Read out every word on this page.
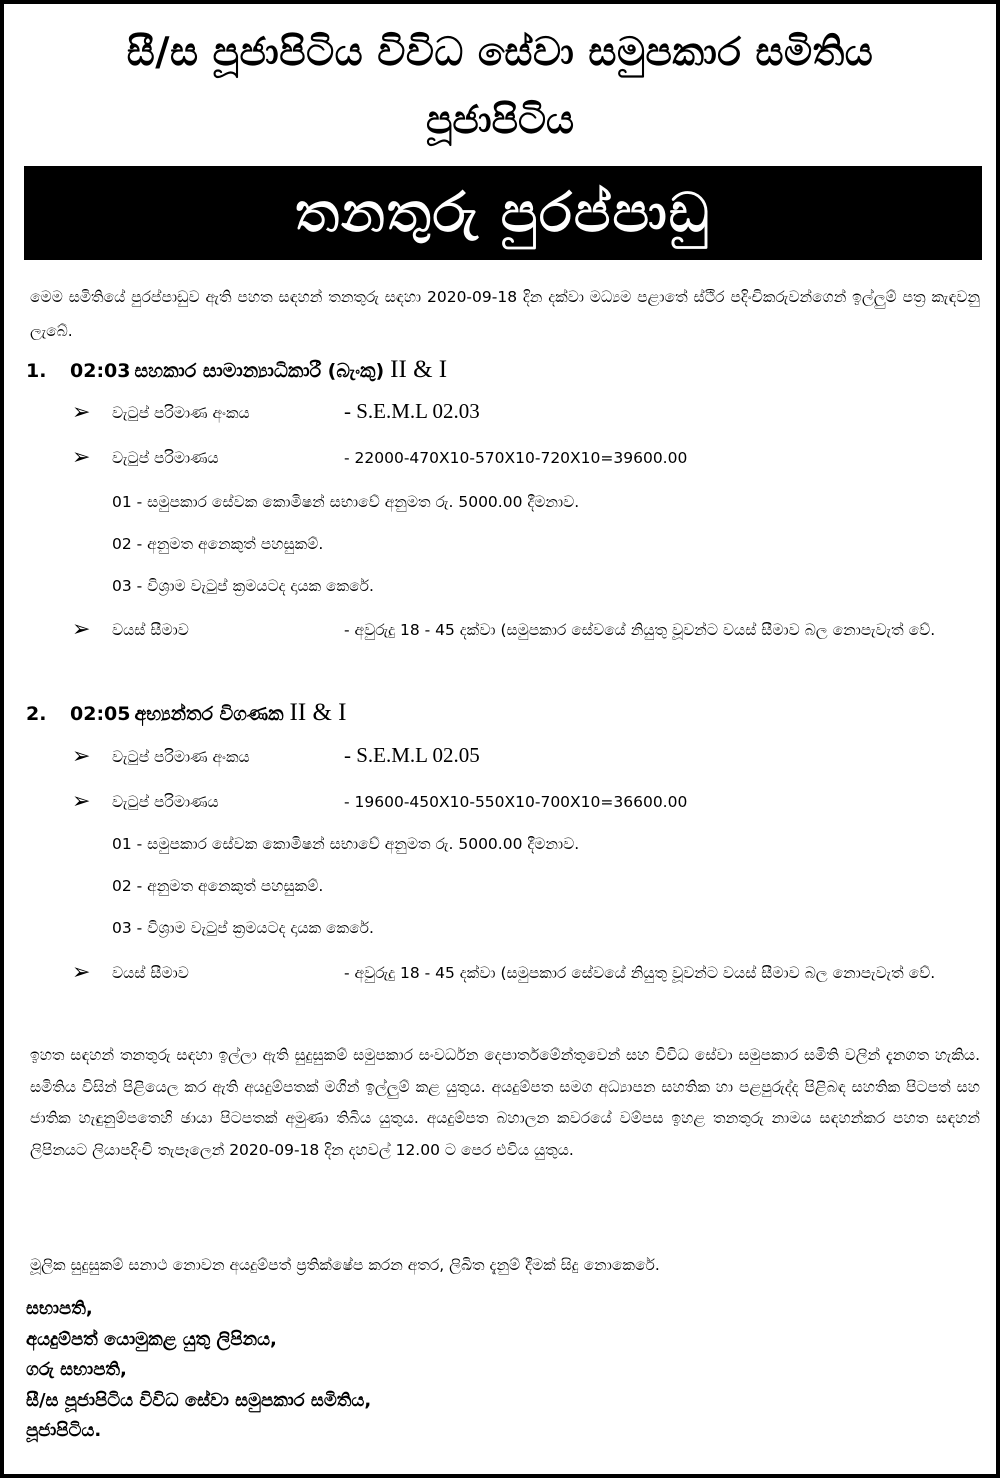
සී/ස පූජාපිටිය විවිධ සේවා සමුපකාර සමිතිය
පූජාපිටිය
තනතුරු පුරප්පාඩු
මෙම සමිතියේ පුරප්පාඩුව ඇති පහත සඳහන් තනතුරු සඳහා 2020-09-18 දින දක්වා මධ්‍යම පළාතේ ස්ථිර පදිංචිකරුවන්ගෙන් ඉල්ලුම් පත්‍ර කැඳවනු ලැබේ.
1.	02:03 සහකාර සාමාන්‍යාධිකාරී (බැංකු) II & I
➢ වැටුප් පරිමාණ අංකය	- S.E.M.L 02.03
➢ වැටුප් පරිමාණය	- 22000-470X10-570X10-720X10=39600.00
01 - සමුපකාර සේවක කොමිෂන් සභාවේ අනුමත රු. 5000.00 දීමනාව.
02 - අනුමත අනෙකුත් පහසුකම්.
03 - විශ්‍රාම වැටුප් ක්‍රමයටද දායක කෙරේ.
➢ වයස් සීමාව	- අවුරුදු 18 - 45 දක්වා (සමුපකාර සේවයේ නියුතු වූවන්ට වයස් සීමාව බල නොපැවැත් වේ.
2.	02:05 අභ්‍යන්තර විගණක II & I
➢ වැටුප් පරිමාණ අංකය	- S.E.M.L 02.05
➢ වැටුප් පරිමාණය	- 19600-450X10-550X10-700X10=36600.00
01 - සමුපකාර සේවක කොමිෂන් සභාවේ අනුමත රු. 5000.00 දීමනාව.
02 - අනුමත අනෙකුත් පහසුකම්.
03 - විශ්‍රාම වැටුප් ක්‍රමයටද දායක කෙරේ.
➢ වයස් සීමාව	- අවුරුදු 18 - 45 දක්වා (සමුපකාර සේවයේ නියුතු වූවන්ට වයස් සීමාව බල නොපැවැත් වේ.
ඉහත සඳහන් තනතුරු සඳහා ඉල්ලා ඇති සුදුසුකම් සමුපකාර සංවර්ධන දෙපාර්තමේන්තුවෙන් සහ විවිධ සේවා සමුපකාර සමිති වලින් දැනගත හැකිය. සමිතිය විසින් පිළියෙල කර ඇති අයදුම්පතක් මගින් ඉල්ලුම් කළ යුතුය. අයදුම්පත සමග අධ්‍යාපන සහතික හා පළපුරුද්ද පිළිබඳ සහතික පිටපත් සහ ජාතික හැඳුනුම්පතෙහි ඡායා පිටපතක් අමුණා තිබිය යුතුය. අයදුම්පත බහාලන කවරයේ වම්පස ඉහළ තනතුරු නාමය සඳහන්කර පහත සඳහන් ලිපිනයට ලියාපදිංචි තැපෑලෙන් 2020-09-18 දින දහවල් 12.00 ට පෙර එවිය යුතුය.
මූලික සුදුසුකම් සනාථ නොවන අයදුම්පත් ප්‍රතික්ෂේප කරන අතර, ලිඛිත දැනුම් දීමක් සිදු නොකෙරේ.
සභාපති,
අයදුම්පත් යොමුකළ යුතු ලිපිනය,
ගරු සභාපති,
සී/ස පූජාපිටිය විවිධ සේවා සමුපකාර සමිතිය,
පූජාපිටිය.
